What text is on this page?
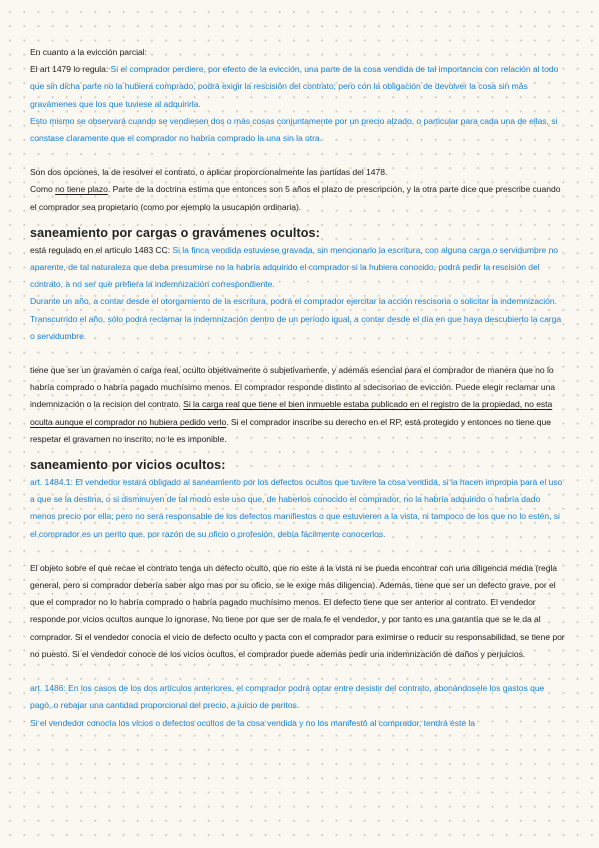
En cuanto a la evicción parcial:

El art 1479 lo regula: Si el comprador perdiere, por efecto de la evicción, una parte de la cosa vendida de tal importancia con relación al todo que sin dicha parte no la hubiera comprado, podrá exigir la rescisión del contrato; pero con la obligación de devolver la cosa sin más gravámenes que los que tuviese al adquirirla.

Esto mismo se observará cuando se vendiesen dos o más cosas conjuntamente por un precio alzado, o particular para cada una de ellas, si constase claramente que el comprador no habría comprado la una sin la otra.

Son dos opciones, la de resolver el contrato, o aplicar proporcionalmente las partidas del 1478.

Como no tiene plazo. Parte de la doctrina estima que entonces son 5 años el plazo de prescripción, y la otra parte dice que prescribe cuando el comprador sea propietario (como por ejemplo la usucapión ordinaria).

saneamiento por cargas o gravámenes ocultos:

está regulado en el articulo 1483 CC: Si la finca vendida estuviese gravada, sin mencionarlo la escritura, con alguna carga o servidumbre no aparente, de tal naturaleza que deba presumirse no la habría adquirido el comprador si la hubiera conocido, podrá pedir la rescisión del contrato, a no ser que prefiera la indemnización correspondiente.

Durante un año, a contar desde el otorgamiento de la escritura, podrá el comprador ejercitar la acción rescisoria o solicitar la indemnización.

Transcurrido el año, sólo podrá reclamar la indemnización dentro de un período igual, a contar desde el día en que haya descubierto la carga o servidumbre.

tiene que ser un gravamen o carga real, oculto objetivamente o subjetivamente, y además esencial para el comprador de manera que no lo habría comprado o habría pagado muchísimo menos. El comprador responde distinto al sdecisoriao de evicción. Puede elegir reclamar una indemnización o la recision del contrato. Si la carga real que tiene el bien inmueble estaba publicado en el registro de la propiedad, no esta oculta aunque el comprador no hubiera pedido verlo. Si el comprador inscribe su derecho en el RP, está protegido y entonces no tiene que respetar el gravamen no inscrito, no le es imponible.

saneamiento por vicios ocultos:

art. 1484.1: El vendedor estará obligado al saneamiento por los defectos ocultos que tuviere la cosa vendida, si la hacen impropia para el uso a que se la destina, o si disminuyen de tal modo este uso que, de haberlos conocido el comprador, no la habría adquirido o habría dado menos precio por ella; pero no será responsable de los defectos manifiestos o que estuvieren a la vista, ni tampoco de los que no lo estén, si el comprador es un perito que, por razón de su oficio o profesión, debía fácilmente conocerlos.

El objeto sobre el que recae el contrato tenga un defecto oculto, que no este a la vista ni se pueda encontrar con una diligencia media (regla general, pero si comprador debería saber algo mas por su oficio, se le exige más diligencia). Además, tiene que ser un defecto grave, por el que el comprador no lo habría comprado o habría pagado muchísimo menos. El defecto tiene que ser anterior al contrato. El vendedor responde por vicios ocultos aunque lo ignorase. No tiene por que ser de mala fe el vendedor, y por tanto es una garantía que se le da al comprador. Si el vendedor conocía el vicio de defecto oculto y pacta con el comprador para eximirse o reducir su responsabilidad, se tiene por no puesto. Si el vendedor conoce de los vicios ocultos, el comprador puede además pedir una indemnización de daños y perjuicios.

art. 1486: En los casos de los dos artículos anteriores, el comprador podrá optar entre desistir del contrato, abonándosele los gastos que pagó, o rebajar una cantidad proporcional del precio, a juicio de peritos.

Si el vendedor conocía los vicios o defectos ocultos de la cosa vendida y no los manifestó al comprador, tendrá éste la
